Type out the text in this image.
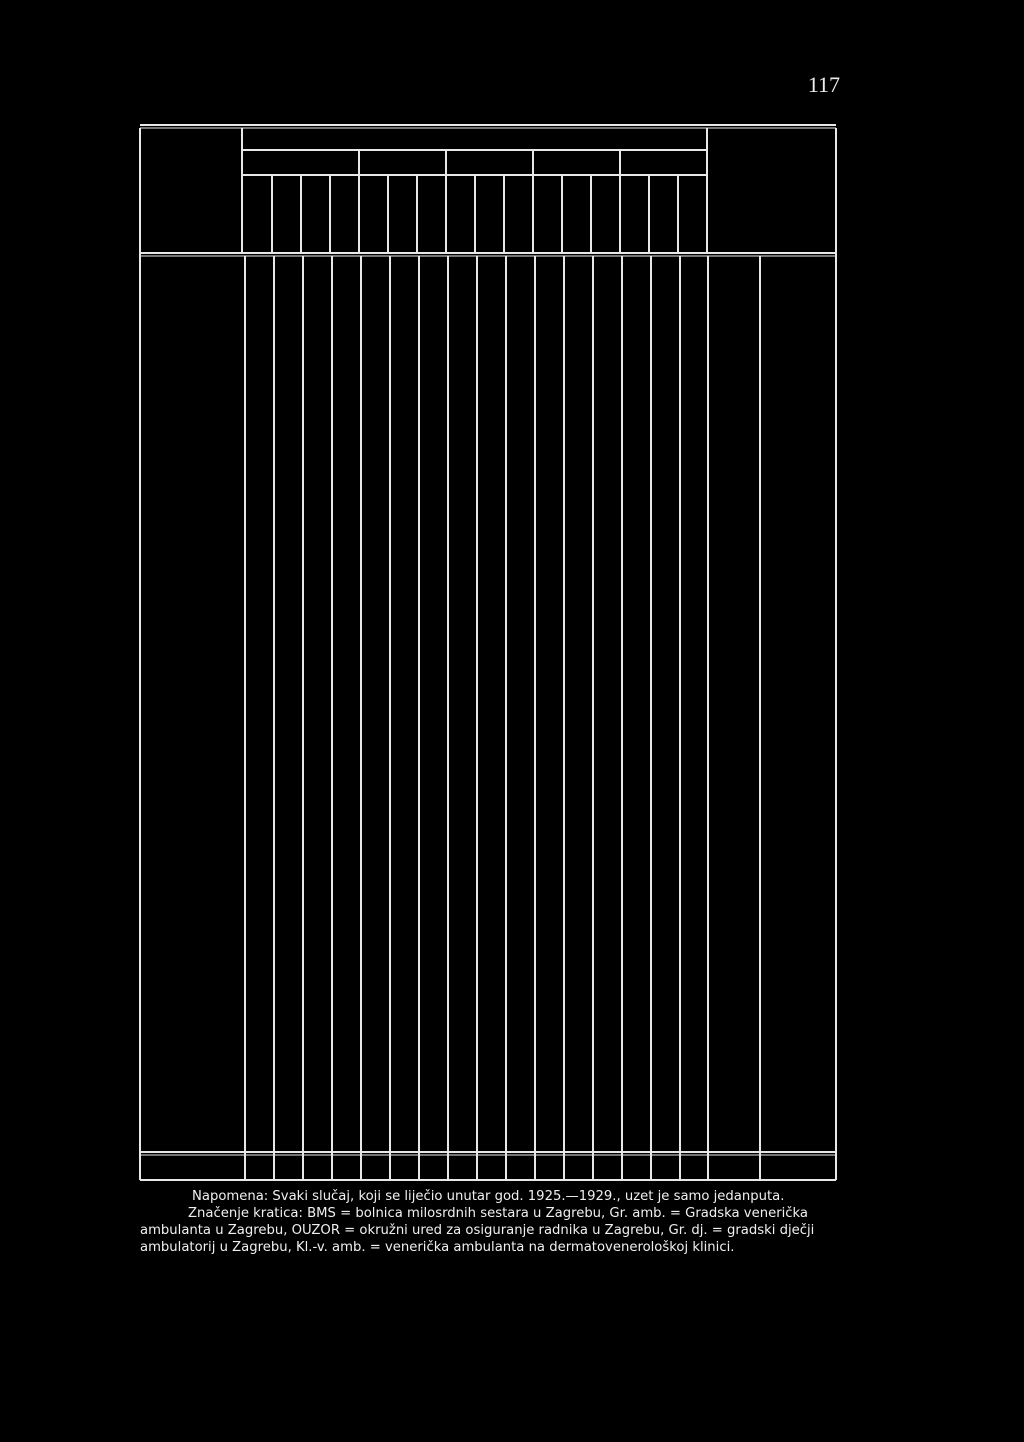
117
Napomena: Svaki slučaj, koji se liječio unutar god. 1925.—1929., uzet je samo jedanputa.
Značenje kratica: BMS = bolnica milosrdnih sestara u Zagrebu, Gr. amb. = Gradska venerička
ambulanta u Zagrebu, OUZOR = okružni ured za osiguranje radnika u Zagrebu, Gr. dj. = gradski dječji
ambulatorij u Zagrebu, Kl.-v. amb. = venerička ambulanta na dermatovenerološkoj klinici.
